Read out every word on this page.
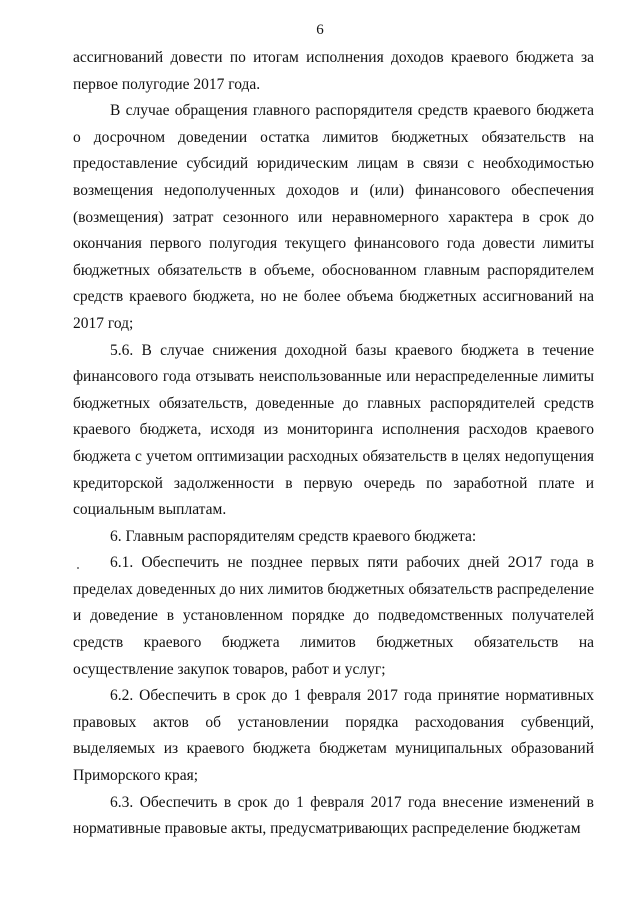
6

ассигнований довести по итогам исполнения доходов краевого бюджета за первое полугодие 2017 года.

В случае обращения главного распорядителя средств краевого бюджета о досрочном доведении остатка лимитов бюджетных обязательств на предоставление субсидий юридическим лицам в связи с необходимостью возмещения недополученных доходов и (или) финансового обеспечения (возмещения) затрат сезонного или неравномерного характера в срок до окончания первого полугодия текущего финансового года довести лимиты бюджетных обязательств в объеме, обоснованном главным распорядителем средств краевого бюджета, но не более объема бюджетных ассигнований на 2017 год;

5.6. В случае снижения доходной базы краевого бюджета в течение финансового года отзывать неиспользованные или нераспределенные лимиты бюджетных обязательств, доведенные до главных распорядителей средств краевого бюджета, исходя из мониторинга исполнения расходов краевого бюджета с учетом оптимизации расходных обязательств в целях недопущения кредиторской задолженности в первую очередь по заработной плате и социальным выплатам.

6. Главным распорядителям средств краевого бюджета:

6.1. Обеспечить не позднее первых пяти рабочих дней 2О17 года в пределах доведенных до них лимитов бюджетных обязательств распределение и доведение в установленном порядке до подведомственных получателей средств краевого бюджета лимитов бюджетных обязательств на осуществление закупок товаров, работ и услуг;

6.2. Обеспечить в срок до 1 февраля 2017 года принятие нормативных правовых актов об установлении порядка расходования субвенций, выделяемых из краевого бюджета бюджетам муниципальных образований Приморского края;

6.3. Обеспечить в срок до 1 февраля 2017 года внесение изменений в нормативные правовые акты, предусматривающих распределение бюджетам
